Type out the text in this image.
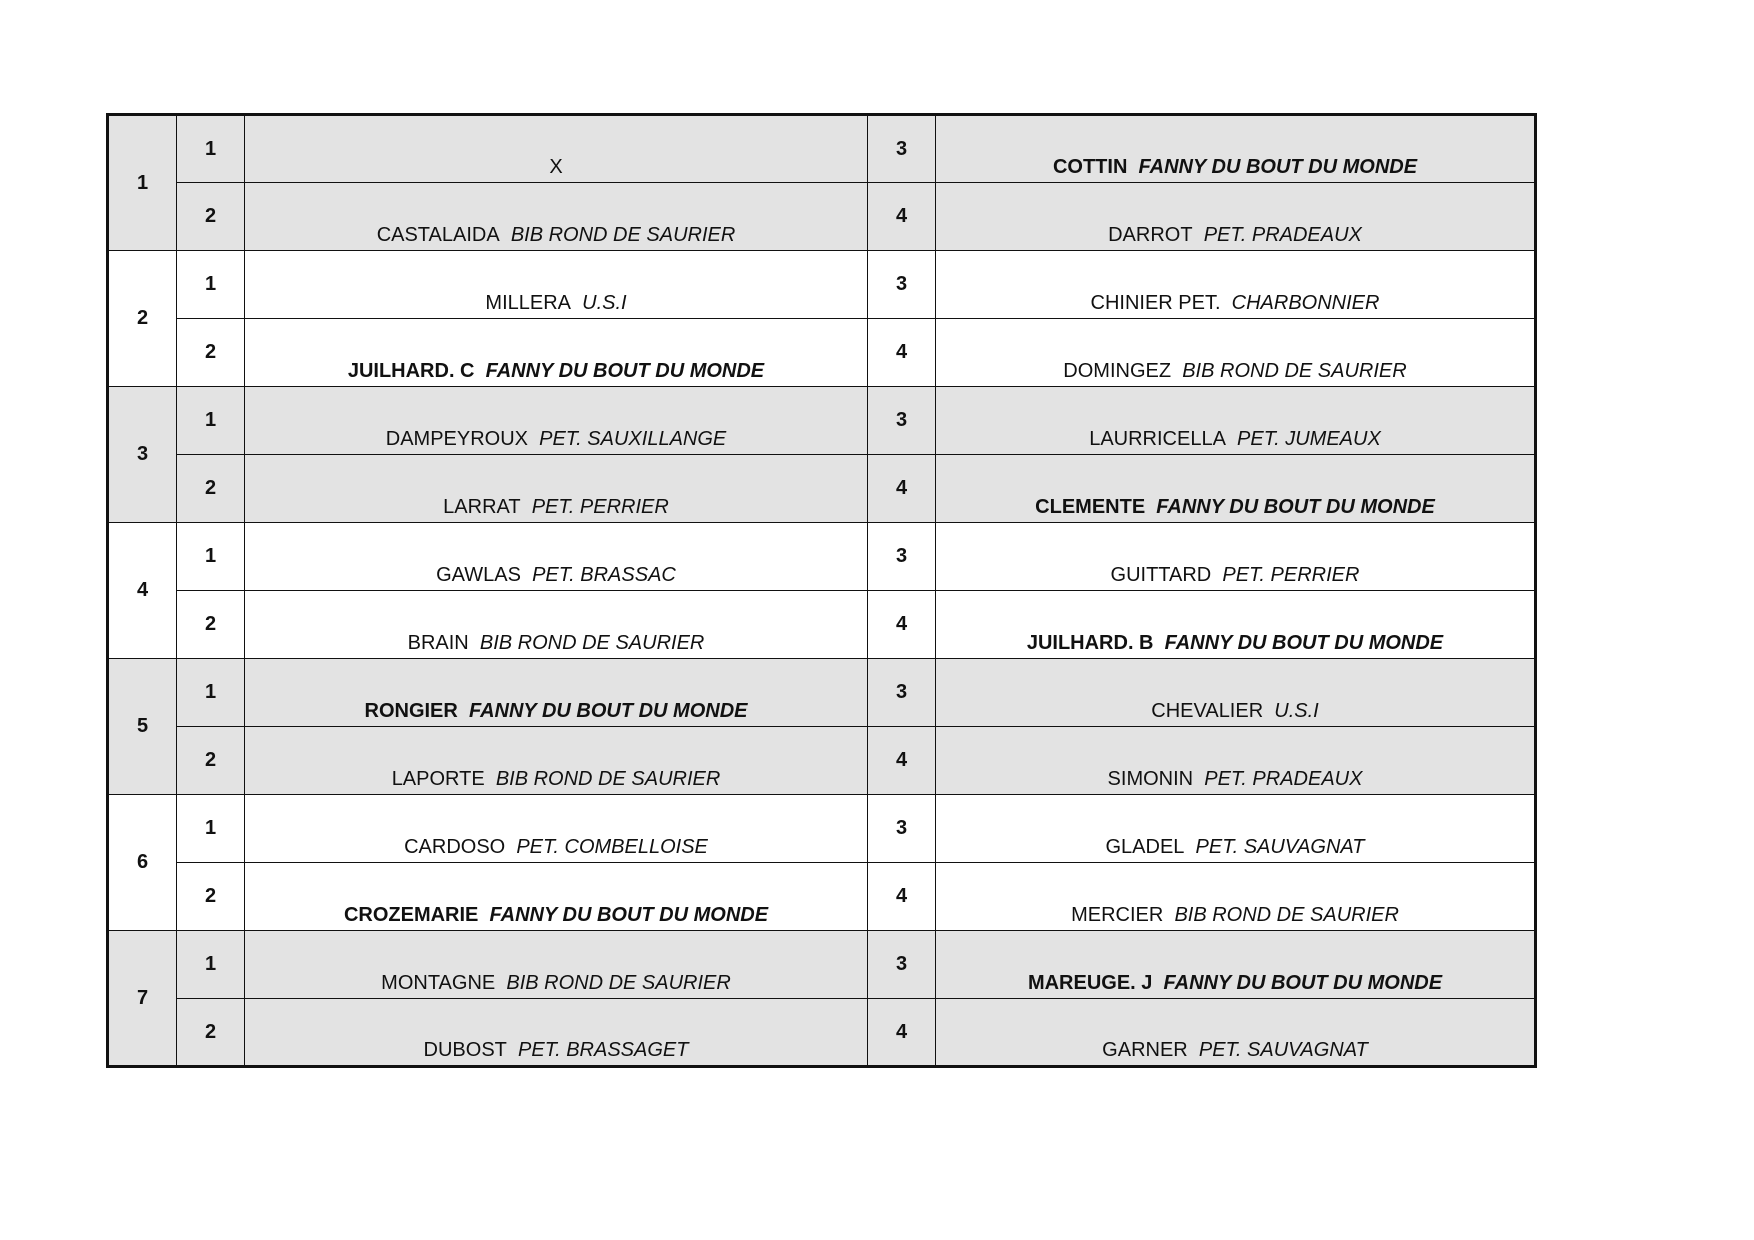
1	1	X	3	COTTIN FANNY DU BOUT DU MONDE
	2	CASTALAIDA BIB ROND DE SAURIER	4	DARROT PET. PRADEAUX
2	1	MILLERA U.S.I	3	CHINIER PET. CHARBONNIER
	2	JUILHARD. C FANNY DU BOUT DU MONDE	4	DOMINGEZ BIB ROND DE SAURIER
3	1	DAMPEYROUX PET. SAUXILLANGE	3	LAURRICELLA PET. JUMEAUX
	2	LARRAT PET. PERRIER	4	CLEMENTE FANNY DU BOUT DU MONDE
4	1	GAWLAS PET. BRASSAC	3	GUITTARD PET. PERRIER
	2	BRAIN BIB ROND DE SAURIER	4	JUILHARD. B FANNY DU BOUT DU MONDE
5	1	RONGIER FANNY DU BOUT DU MONDE	3	CHEVALIER U.S.I
	2	LAPORTE BIB ROND DE SAURIER	4	SIMONIN PET. PRADEAUX
6	1	CARDOSO PET. COMBELLOISE	3	GLADEL PET. SAUVAGNAT
	2	CROZEMARIE FANNY DU BOUT DU MONDE	4	MERCIER BIB ROND DE SAURIER
7	1	MONTAGNE BIB ROND DE SAURIER	3	MAREUGE. J FANNY DU BOUT DU MONDE
	2	DUBOST PET. BRASSAGET	4	GARNER PET. SAUVAGNAT
